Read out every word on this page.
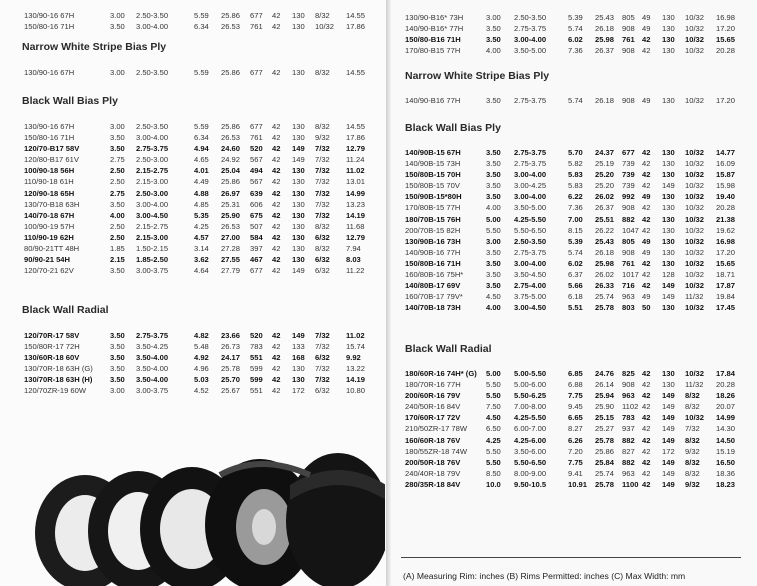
130/90-16 67H	3.00	2.50-3.50	5.59	25.86	677	42	130	8/32	14.55
150/80-16 71H	3.50	3.00-4.00	6.34	26.53	761	42	130	10/32	17.86
Narrow White Stripe Bias Ply
130/90-16 67H	3.00	2.50-3.50	5.59	25.86	677	42	130	8/32	14.55
Black Wall Bias Ply
130/90-16 67H	3.00	2.50-3.50	5.59	25.86	677	42	130	8/32	14.55
150/80-16 71H	3.50	3.00-4.00	6.34	26.53	761	42	130	9/32	17.86
120/70-B17 58V	3.50	2.75-3.75	4.94	24.60	520	42	149	7/32	12.79
120/80-B17 61V	2.75	2.50-3.00	4.65	24.92	567	42	149	7/32	11.24
100/90-18 56H	2.50	2.15-2.75	4.01	25.04	494	42	130	7/32	11.02
110/90-18 61H	2.50	2.15-3.00	4.49	25.86	567	42	130	7/32	13.01
120/90-18 65H	2.75	2.50-3.00	4.88	26.97	639	42	130	7/32	14.99
130/70-B18 63H	3.50	3.00-4.00	4.85	25.31	606	42	130	7/32	13.23
140/70-18 67H	4.00	3.00-4.50	5.35	25.90	675	42	130	7/32	14.19
100/90-19 57H	2.50	2.15-2.75	4.25	26.53	507	42	130	8/32	11.68
110/90-19 62H	2.50	2.15-3.00	4.57	27.00	584	42	130	6/32	12.79
80/90-21TT 48H	1.85	1.50-2.15	3.14	27.28	397	42	130	8/32	7.94
90/90-21 54H	2.15	1.85-2.50	3.62	27.55	467	42	130	6/32	8.03
120/70-21 62V	3.50	3.00-3.75	4.64	27.79	677	42	149	6/32	11.22
Black Wall Radial
120/70R-17 58V	3.50	2.75-3.75	4.82	23.66	520	42	149	7/32	11.02
150/80R-17 72H	3.50	3.50-4.25	5.48	26.73	783	42	133	7/32	15.74
130/60R-18 60V	3.50	3.50-4.00	4.92	24.17	551	42	168	6/32	9.92
130/70R-18 63H (G)	3.50	3.50-4.00	4.96	25.78	599	42	130	7/32	13.22
130/70R-18 63H (H)	3.50	3.50-4.00	5.03	25.70	599	42	130	7/32	14.19
120/70ZR-19 60W	3.00	3.00-3.75	4.52	25.67	551	42	172	6/32	10.80
(A) Measuring Rim: inches (B) Rims Permitted: inches (C) Max Width: mm
130/90-B16* 73H	3.00	2.50-3.50	5.39	25.43	805	49	130	10/32	16.98
140/90-B16* 77H	3.50	2.75-3.75	5.74	26.18	908	49	130	10/32	17.20
150/80-B16 71H	3.50	3.00-4.00	6.02	25.98	761	42	130	10/32	15.65
170/80-B15 77H	4.00	3.50-5.00	7.36	26.37	908	42	130	10/32	20.28
Narrow White Stripe Bias Ply
140/90-B16 77H	3.50	2.75-3.75	5.74	26.18	908	49	130	10/32	17.20
Black Wall Bias Ply
140/90B-15 67H	3.50	2.75-3.75	5.70	24.37	677	42	130	10/32	14.77
140/90B-15 73H	3.50	2.75-3.75	5.82	25.19	739	42	130	10/32	16.09
150/80B-15 70H	3.50	3.00-4.00	5.83	25.20	739	42	130	10/32	15.87
150/80B-15 70V	3.50	3.00-4.25	5.83	25.20	739	42	149	10/32	15.98
150/90B-15*80H	3.50	3.00-4.00	6.22	26.02	992	49	130	10/32	19.40
170/80B-15 77H	4.00	3.50-5.00	7.36	26.37	908	42	130	10/32	20.28
180/70B-15 76H	5.00	4.25-5.50	7.00	25.51	882	42	130	10/32	21.38
200/70B-15 82H	5.50	5.50-6.50	8.15	26.22	1047	42	130	10/32	19.62
130/90B-16 73H	3.00	2.50-3.50	5.39	25.43	805	49	130	10/32	16.98
140/90B-16 77H	3.50	2.75-3.75	5.74	26.18	908	49	130	10/32	17.20
150/80B-16 71H	3.50	3.00-4.00	6.02	25.98	761	42	130	10/32	15.65
160/80B-16 75H*	3.50	3.50-4.50	6.37	26.02	1017	42	128	10/32	18.71
140/80B-17 69V	3.50	2.75-4.00	5.66	26.33	716	42	149	10/32	17.87
160/70B-17 79V*	4.50	3.75-5.00	6.18	25.74	963	49	149	11/32	19.84
140/70B-18 73H	4.00	3.00-4.50	5.51	25.78	803	50	130	10/32	17.45
Black Wall Radial
180/60R-16 74H* (G)	5.00	5.00-5.50	6.85	24.76	825	42	130	10/32	17.84
180/70R-16 77H	5.50	5.00-6.00	6.88	26.14	908	42	130	11/32	20.28
200/60R-16 79V	5.50	5.50-6.25	7.75	25.94	963	42	149	8/32	18.26
240/50R-16 84V	7.50	7.00-8.00	9.45	25.90	1102	42	149	8/32	20.07
170/60R-17 72V	4.50	4.25-5.50	6.65	25.15	783	42	149	10/32	14.99
210/50ZR-17 78W	6.50	6.00-7.00	8.27	25.27	937	42	149	7/32	14.30
160/60R-18 76V	4.25	4.25-6.00	6.26	25.78	882	42	149	8/32	14.50
180/55ZR-18 74W	5.50	3.50-6.00	7.20	25.86	827	42	172	9/32	15.19
200/50R-18 76V	5.50	5.50-6.50	7.75	25.84	882	42	149	8/32	16.50
240/40R-18 79V	8.50	8.00-9.00	9.41	25.74	963	42	149	8/32	18.36
280/35R-18 84V	10.0	9.50-10.5	10.91	25.78	1100	42	149	9/32	18.23
